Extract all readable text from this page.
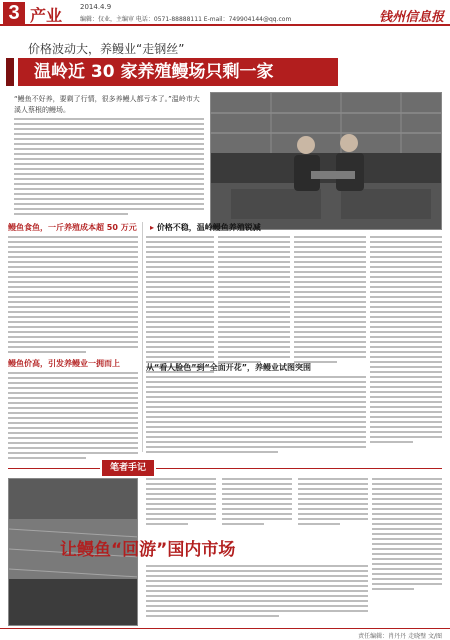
3 产业	2014.4.9
编辑：仅业，主编审 电话：0571-88888111 E-mail：749904144@qq.com	钱州信息报
价格波动大，养鳗业“走钢丝”
温岭近 30 家养殖鳗场只剩一家
“鳗鱼不好养，要剩了行情，很多养鳗人都亏本了。”温岭市大溪人蔡根的鳗场。
鳗鱼食鱼，一斤养殖成本超 50 万元
鳗鱼价高，引发养鳗业一拥而上
▸ 价格不稳，温岭鳗鱼养殖锐减
从“看人脸色”到“全面开花”，养鳗业试图突围
笔者手记
让鳗鱼“回游”国内市场
责任编辑：肖丹丹 走晓璧 文/图
